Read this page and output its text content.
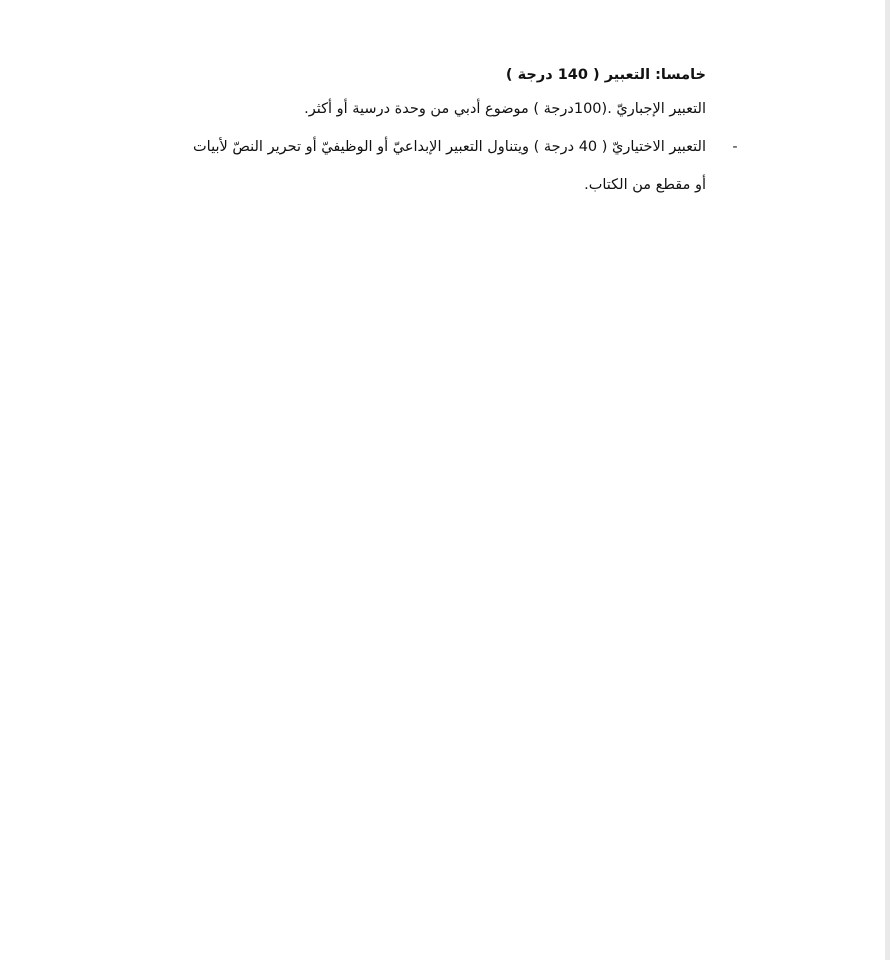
خامسا: التعبير ( 140 درجة )
التعبير الإجباريّ .(100درجة ) موضوع أدبي من وحدة درسية أو أكثر.
-
التعبير الاختياريّ ( 40 درجة ) ويتناول التعبير الإبداعيّ أو الوظيفيّ أو تحرير النصّ لأبيات
أو مقطع من الكتاب.
